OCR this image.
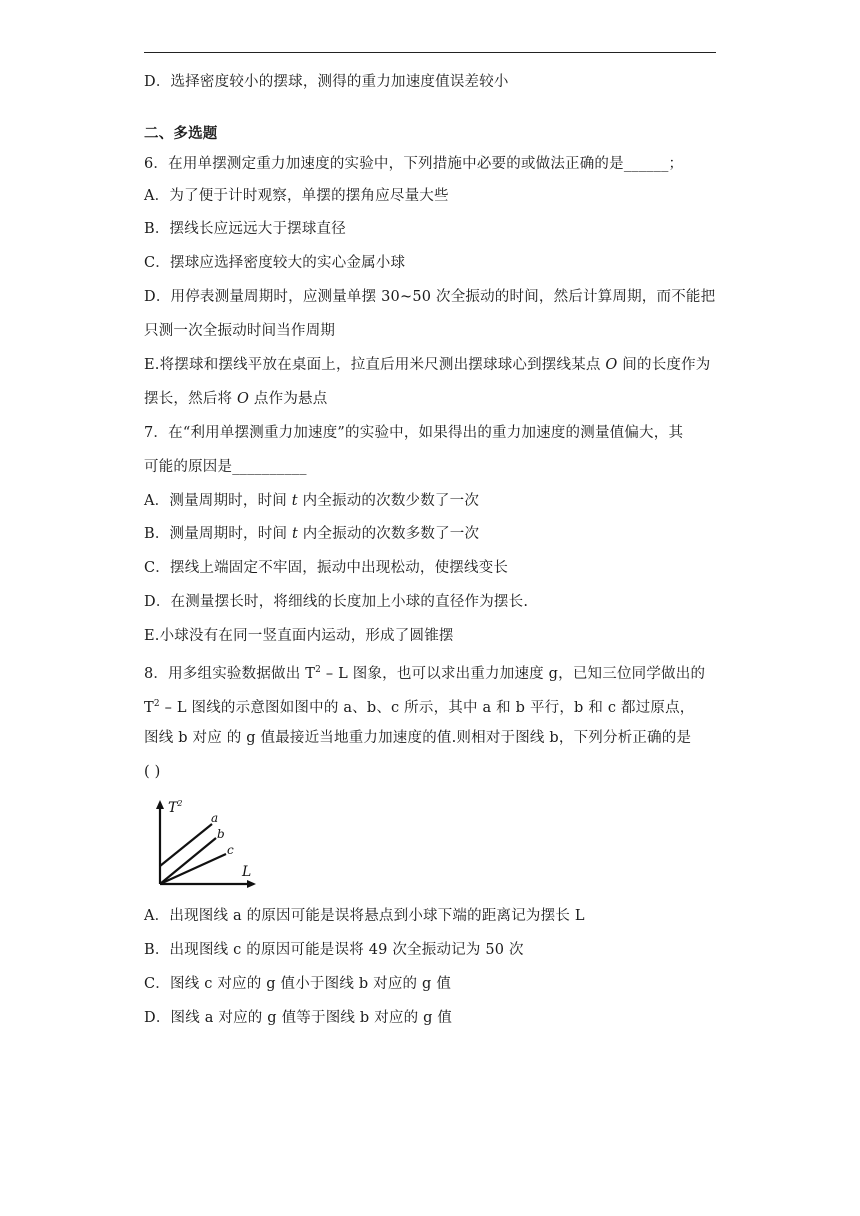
D．选择密度较小的摆球，测得的重力加速度值误差较小
二、多选题
6．在用单摆测定重力加速度的实验中，下列措施中必要的或做法正确的是______；
A．为了便于计时观察，单摆的摆角应尽量大些
B．摆线长应远远大于摆球直径
C．摆球应选择密度较大的实心金属小球
D．用停表测量周期时，应测量单摆 30~50 次全振动的时间，然后计算周期，而不能把
只测一次全振动时间当作周期
E.将摆球和摆线平放在桌面上，拉直后用米尺测出摆球球心到摆线某点 O 间的长度作为
摆长，然后将 O 点作为悬点
7．在“利用单摆测重力加速度”的实验中，如果得出的重力加速度的测量值偏大，其
可能的原因是__________
A．测量周期时，时间 t 内全振动的次数少数了一次
B．测量周期时，时间 t 内全振动的次数多数了一次
C．摆线上端固定不牢固，振动中出现松动，使摆线变长
D．在测量摆长时，将细线的长度加上小球的直径作为摆长.
E.小球没有在同一竖直面内运动，形成了圆锥摆
8．用多组实验数据做出 $T^2$ – L 图象，也可以求出重力加速度 g，已知三位同学做出的
$T^2$ – L 图线的示意图如图中的 a、b、c 所示，其中 a 和 b 平行，b 和 c 都过原点，
图线 b 对应 的 g 值最接近当地重力加速度的值.则相对于图线 b，下列分析正确的是
( )
$T^2$
L
a
b
c
A．出现图线 a 的原因可能是误将悬点到小球下端的距离记为摆长 L
B．出现图线 c 的原因可能是误将 49 次全振动记为 50 次
C．图线 c 对应的 g 值小于图线 b 对应的 g 值
D．图线 a 对应的 g 值等于图线 b 对应的 g 值
